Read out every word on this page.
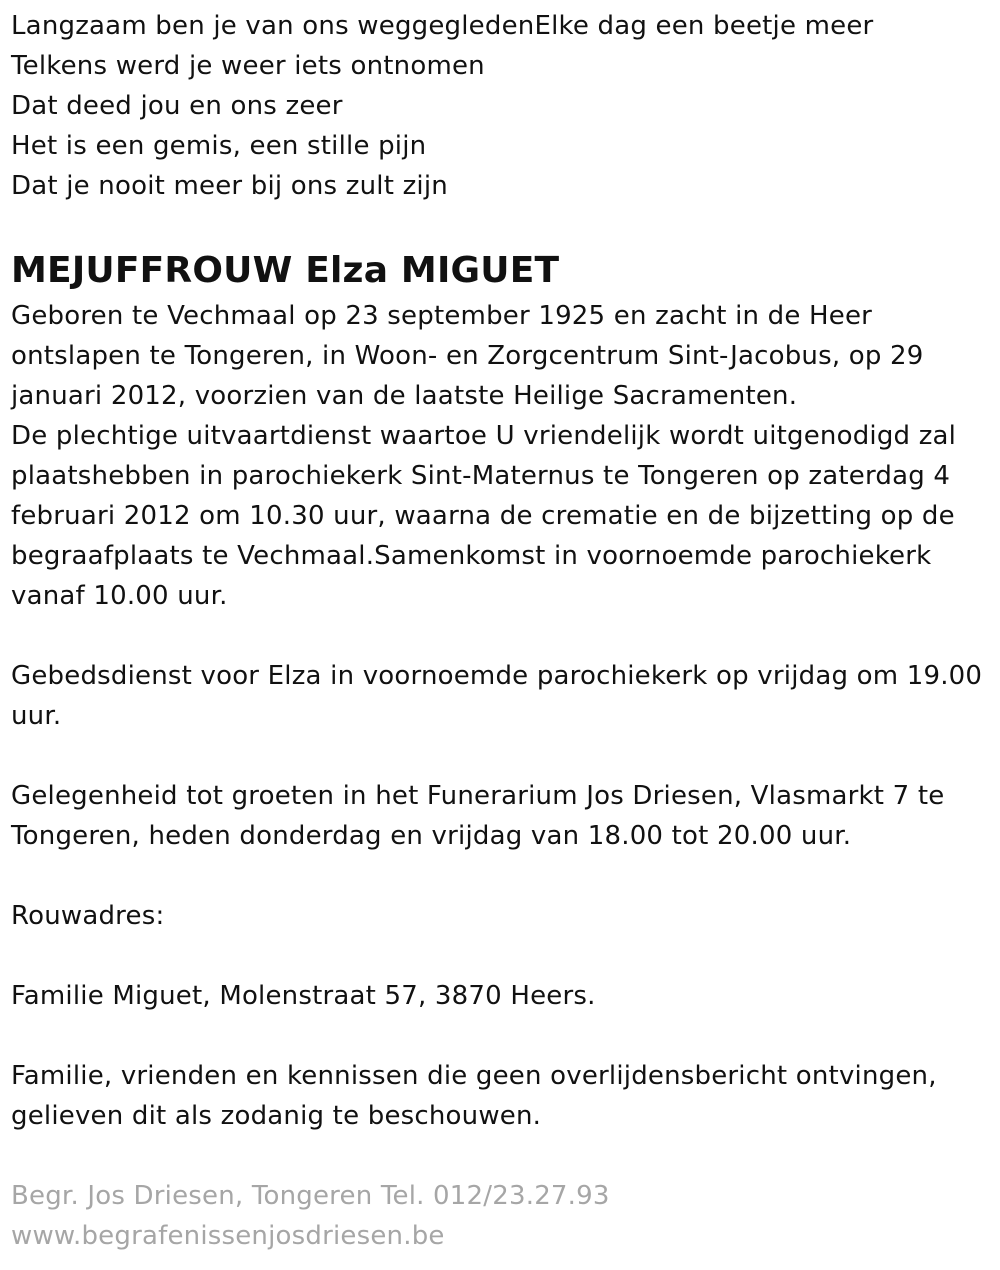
Langzaam ben je van ons weggegledenElke dag een beetje meer
Telkens werd je weer iets ontnomen
Dat deed jou en ons zeer
Het is een gemis, een stille pijn
Dat je nooit meer bij ons zult zijn
MEJUFFROUW Elza MIGUET
Geboren te Vechmaal op 23 september 1925 en zacht in de Heer ontslapen te Tongeren, in Woon- en Zorgcentrum Sint-Jacobus, op 29 januari 2012, voorzien van de laatste Heilige Sacramenten.
De plechtige uitvaartdienst waartoe U vriendelijk wordt uitgenodigd zal plaatshebben in parochiekerk Sint-Maternus te Tongeren op zaterdag 4 februari 2012 om 10.30 uur, waarna de crematie en de bijzetting op de begraafplaats te Vechmaal.Samenkomst in voornoemde parochiekerk vanaf 10.00 uur.
Gebedsdienst voor Elza in voornoemde parochiekerk op vrijdag om 19.00 uur.
Gelegenheid tot groeten in het Funerarium Jos Driesen, Vlasmarkt 7 te Tongeren, heden donderdag en vrijdag van 18.00 tot 20.00 uur.
Rouwadres:
Familie Miguet, Molenstraat 57, 3870 Heers.
Familie, vrienden en kennissen die geen overlijdensbericht ontvingen, gelieven dit als zodanig te beschouwen.
Begr. Jos Driesen, Tongeren Tel. 012/23.27.93
www.begrafenissenjosdriesen.be
